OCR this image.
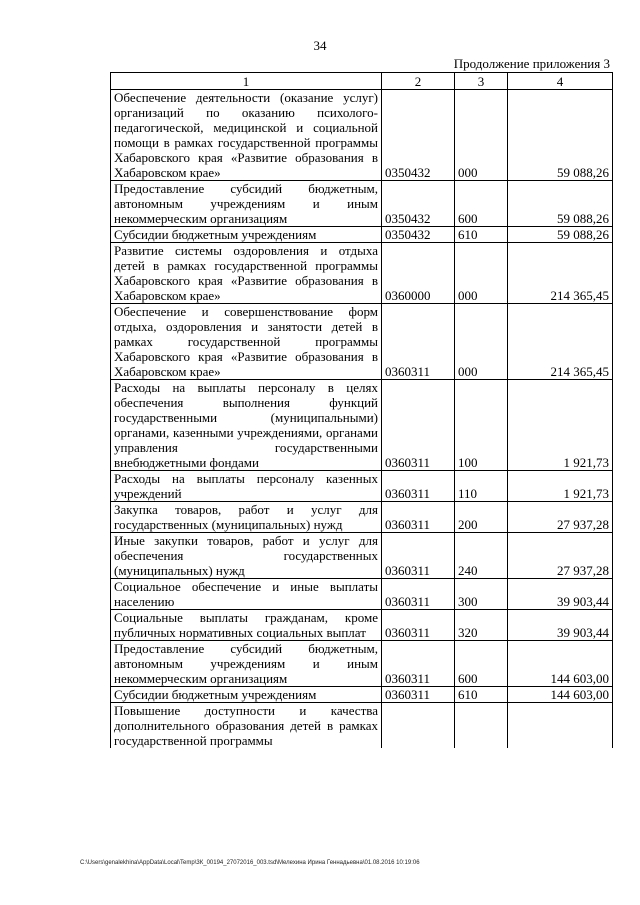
34
Продолжение приложения 3
1	2	3	4
Обеспечение деятельности (оказание услуг) организаций по оказанию психолого-педагогической, медицинской и социальной помощи в рамках государственной программы Хабаровского края «Развитие образования в Хабаровском крае»	0350432	000	59 088,26
Предоставление субсидий бюджетным, автономным учреждениям и иным некоммерческим организациям	0350432	600	59 088,26
Субсидии бюджетным учреждениям	0350432	610	59 088,26
Развитие системы оздоровления и отдыха детей в рамках государственной программы Хабаровского края «Развитие образования в Хабаровском крае»	0360000	000	214 365,45
Обеспечение и совершенствование форм отдыха, оздоровления и занятости детей в рамках государственной программы Хабаровского края «Развитие образования в Хабаровском крае»	0360311	000	214 365,45
Расходы на выплаты персоналу в целях обеспечения выполнения функций государственными (муниципальными) органами, казенными учреждениями, органами управления государственными внебюджетными фондами	0360311	100	1 921,73
Расходы на выплаты персоналу казенных учреждений	0360311	110	1 921,73
Закупка товаров, работ и услуг для государственных (муниципальных) нужд	0360311	200	27 937,28
Иные закупки товаров, работ и услуг для обеспечения государственных (муниципальных) нужд	0360311	240	27 937,28
Социальное обеспечение и иные выплаты населению	0360311	300	39 903,44
Социальные выплаты гражданам, кроме публичных нормативных социальных выплат	0360311	320	39 903,44
Предоставление субсидий бюджетным, автономным учреждениям и иным некоммерческим организациям	0360311	600	144 603,00
Субсидии бюджетным учреждениям	0360311	610	144 603,00
Повышение доступности и качества дополнительного образования детей в рамках государственной программы			
C:\Users\genalekhina\AppData\Local\Temp\3К_00194_27072016_003.tsd\Мелехина Ирина Геннадьевна\01.08.2016 10:19:06
